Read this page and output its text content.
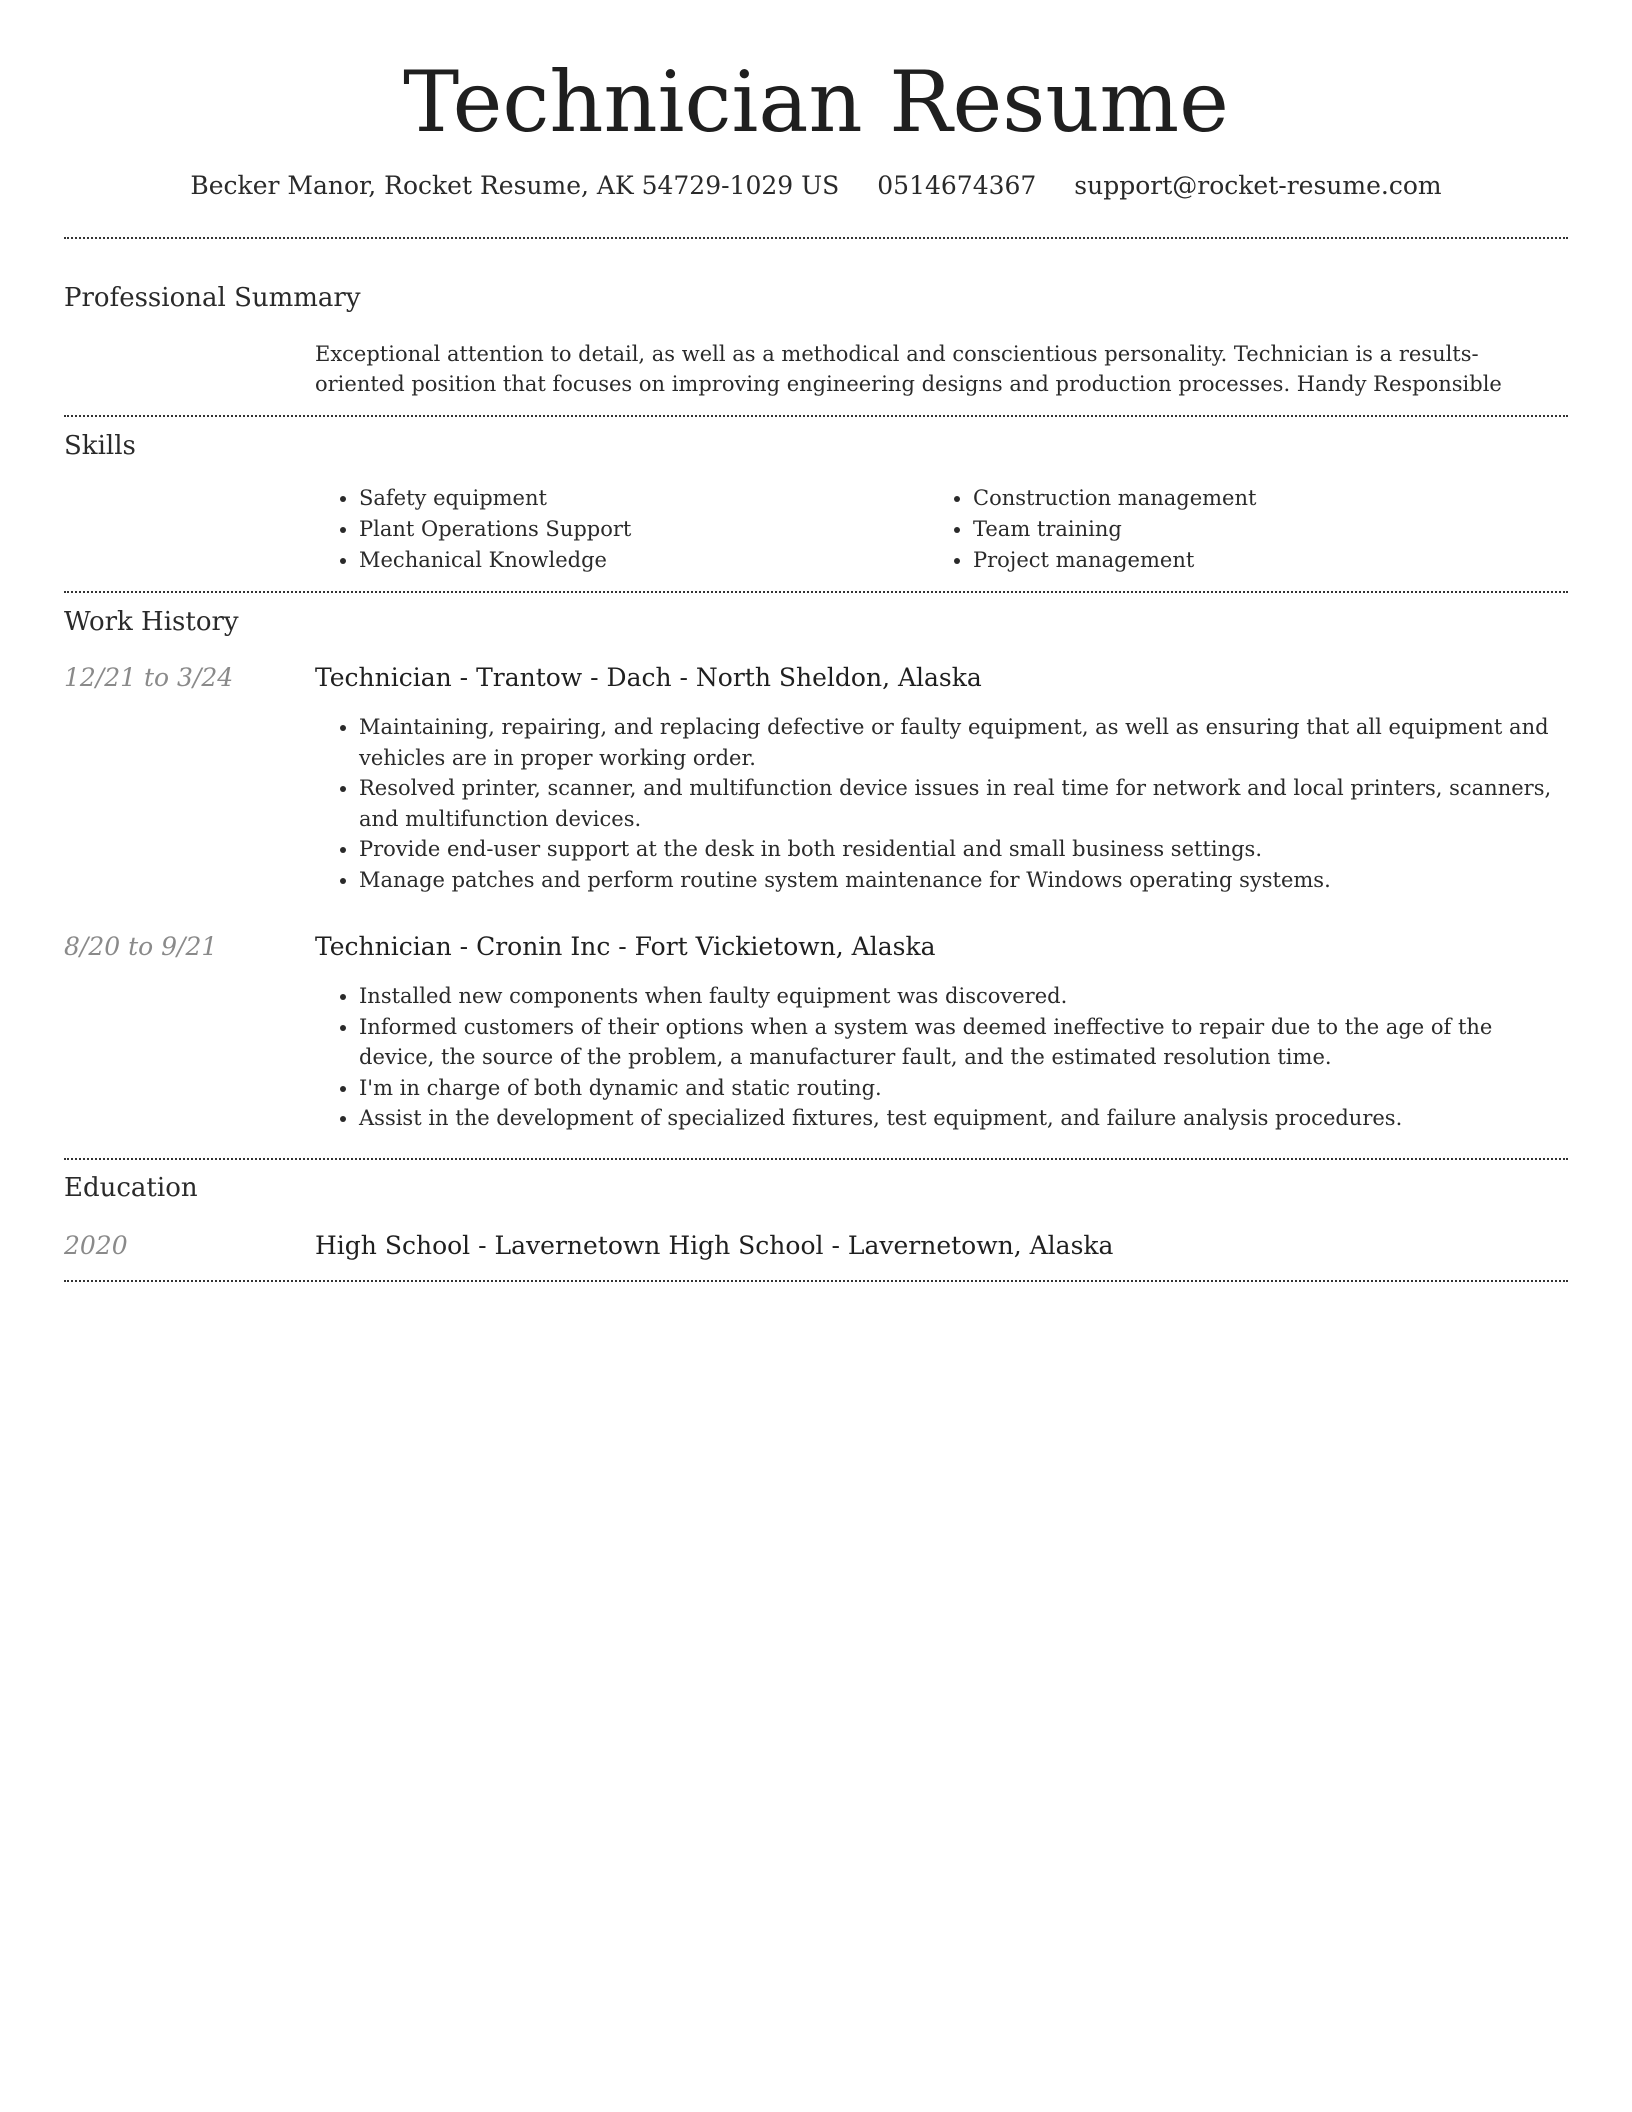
Technician Resume
Becker Manor, Rocket Resume, AK 54729-1029 US 0514674367 support@rocket-resume.com
Professional Summary

Exceptional attention to detail, as well as a methodical and conscientious personality. Technician is a results-oriented position that focuses on improving engineering designs and production processes. Handy Responsible

Skills
• Safety equipment
• Plant Operations Support
• Mechanical Knowledge
• Construction management
• Team training
• Project management
Work History
12/21 to 3/24	Technician - Trantow - Dach - North Sheldon, Alaska
• Maintaining, repairing, and replacing defective or faulty equipment, as well as ensuring that all equipment and vehicles are in proper working order.
• Resolved printer, scanner, and multifunction device issues in real time for network and local printers, scanners, and multifunction devices.
• Provide end-user support at the desk in both residential and small business settings.
• Manage patches and perform routine system maintenance for Windows operating systems.
8/20 to 9/21	Technician - Cronin Inc - Fort Vickietown, Alaska
• Installed new components when faulty equipment was discovered.
• Informed customers of their options when a system was deemed ineffective to repair due to the age of the device, the source of the problem, a manufacturer fault, and the estimated resolution time.
• I'm in charge of both dynamic and static routing.
• Assist in the development of specialized fixtures, test equipment, and failure analysis procedures.
Education
2020	High School - Lavernetown High School - Lavernetown, Alaska
